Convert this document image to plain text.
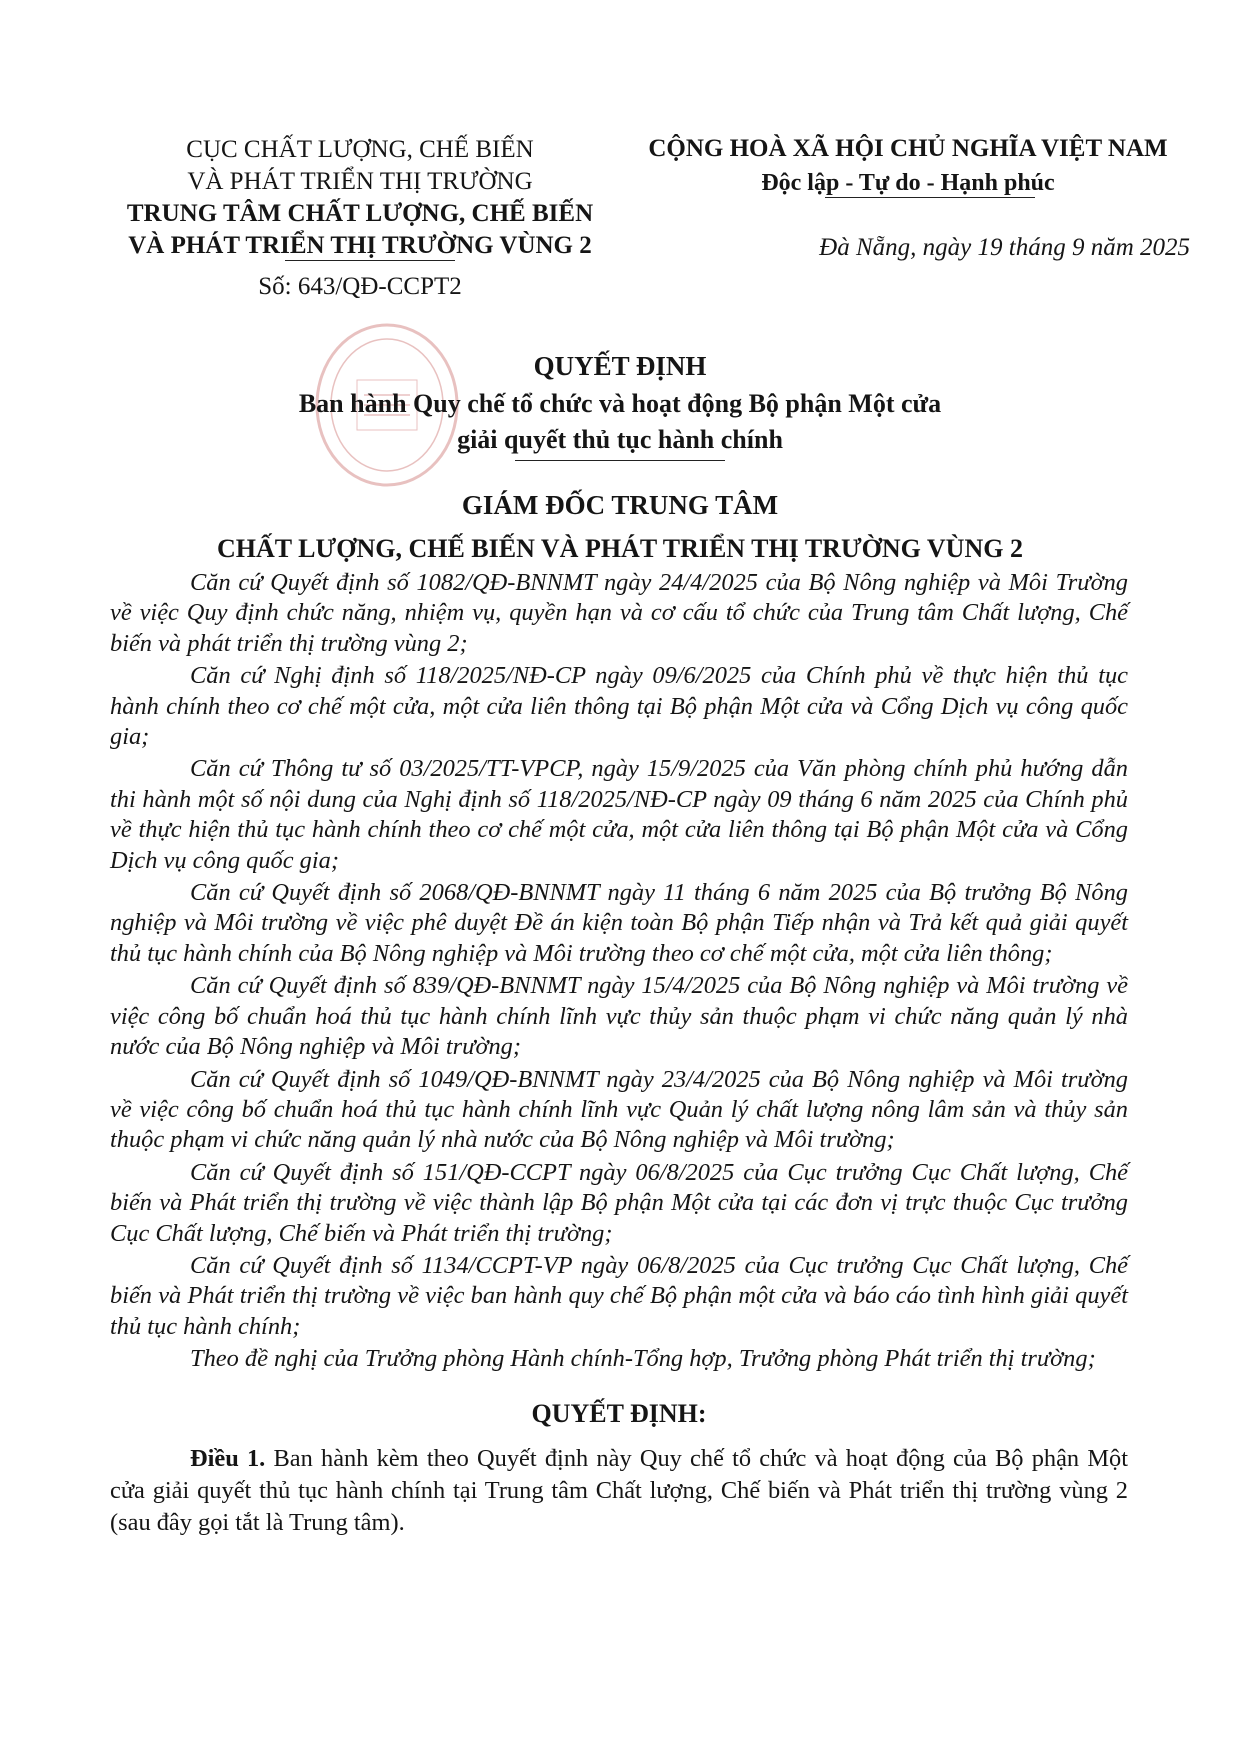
CỤC CHẤT LƯỢNG, CHẾ BIẾN
VÀ PHÁT TRIỂN THỊ TRƯỜNG
TRUNG TÂM CHẤT LƯỢNG, CHẾ BIẾN
VÀ PHÁT TRIỂN THỊ TRƯỜNG VÙNG 2
Số: 643/QĐ-CCPT2
CỘNG HOÀ XÃ HỘI CHỦ NGHĨA VIỆT NAM
Độc lập - Tự do - Hạnh phúc
Đà Nẵng, ngày 19 tháng 9 năm 2025
QUYẾT ĐỊNH
Ban hành Quy chế tổ chức và hoạt động Bộ phận Một cửa
giải quyết thủ tục hành chính
GIÁM ĐỐC TRUNG TÂM
CHẤT LƯỢNG, CHẾ BIẾN VÀ PHÁT TRIỂN THỊ TRƯỜNG VÙNG 2

Căn cứ Quyết định số 1082/QĐ-BNNMT ngày 24/4/2025 của Bộ Nông nghiệp và Môi Trường về việc Quy định chức năng, nhiệm vụ, quyền hạn và cơ cấu tổ chức của Trung tâm Chất lượng, Chế biến và phát triển thị trường vùng 2;

Căn cứ Nghị định số 118/2025/NĐ-CP ngày 09/6/2025 của Chính phủ về thực hiện thủ tục hành chính theo cơ chế một cửa, một cửa liên thông tại Bộ phận Một cửa và Cổng Dịch vụ công quốc gia;

Căn cứ Thông tư số 03/2025/TT-VPCP, ngày 15/9/2025 của Văn phòng chính phủ hướng dẫn thi hành một số nội dung của Nghị định số 118/2025/NĐ-CP ngày 09 tháng 6 năm 2025 của Chính phủ về thực hiện thủ tục hành chính theo cơ chế một cửa, một cửa liên thông tại Bộ phận Một cửa và Cổng Dịch vụ công quốc gia;

Căn cứ Quyết định số 2068/QĐ-BNNMT ngày 11 tháng 6 năm 2025 của Bộ trưởng Bộ Nông nghiệp và Môi trường về việc phê duyệt Đề án kiện toàn Bộ phận Tiếp nhận và Trả kết quả giải quyết thủ tục hành chính của Bộ Nông nghiệp và Môi trường theo cơ chế một cửa, một cửa liên thông;

Căn cứ Quyết định số 839/QĐ-BNNMT ngày 15/4/2025 của Bộ Nông nghiệp và Môi trường về việc công bố chuẩn hoá thủ tục hành chính lĩnh vực thủy sản thuộc phạm vi chức năng quản lý nhà nước của Bộ Nông nghiệp và Môi trường;

Căn cứ Quyết định số 1049/QĐ-BNNMT ngày 23/4/2025 của Bộ Nông nghiệp và Môi trường về việc công bố chuẩn hoá thủ tục hành chính lĩnh vực Quản lý chất lượng nông lâm sản và thủy sản thuộc phạm vi chức năng quản lý nhà nước của Bộ Nông nghiệp và Môi trường;

Căn cứ Quyết định số 151/QĐ-CCPT ngày 06/8/2025 của Cục trưởng Cục Chất lượng, Chế biến và Phát triển thị trường về việc thành lập Bộ phận Một cửa tại các đơn vị trực thuộc Cục trưởng Cục Chất lượng, Chế biến và Phát triển thị trường;

Căn cứ Quyết định số 1134/CCPT-VP ngày 06/8/2025 của Cục trưởng Cục Chất lượng, Chế biến và Phát triển thị trường về việc ban hành quy chế Bộ phận một cửa và báo cáo tình hình giải quyết thủ tục hành chính;

Theo đề nghị của Trưởng phòng Hành chính-Tổng hợp, Trưởng phòng Phát triển thị trường;

QUYẾT ĐỊNH:

Điều 1. Ban hành kèm theo Quyết định này Quy chế tổ chức và hoạt động của Bộ phận Một cửa giải quyết thủ tục hành chính tại Trung tâm Chất lượng, Chế biến và Phát triển thị trường vùng 2 (sau đây gọi tắt là Trung tâm).
